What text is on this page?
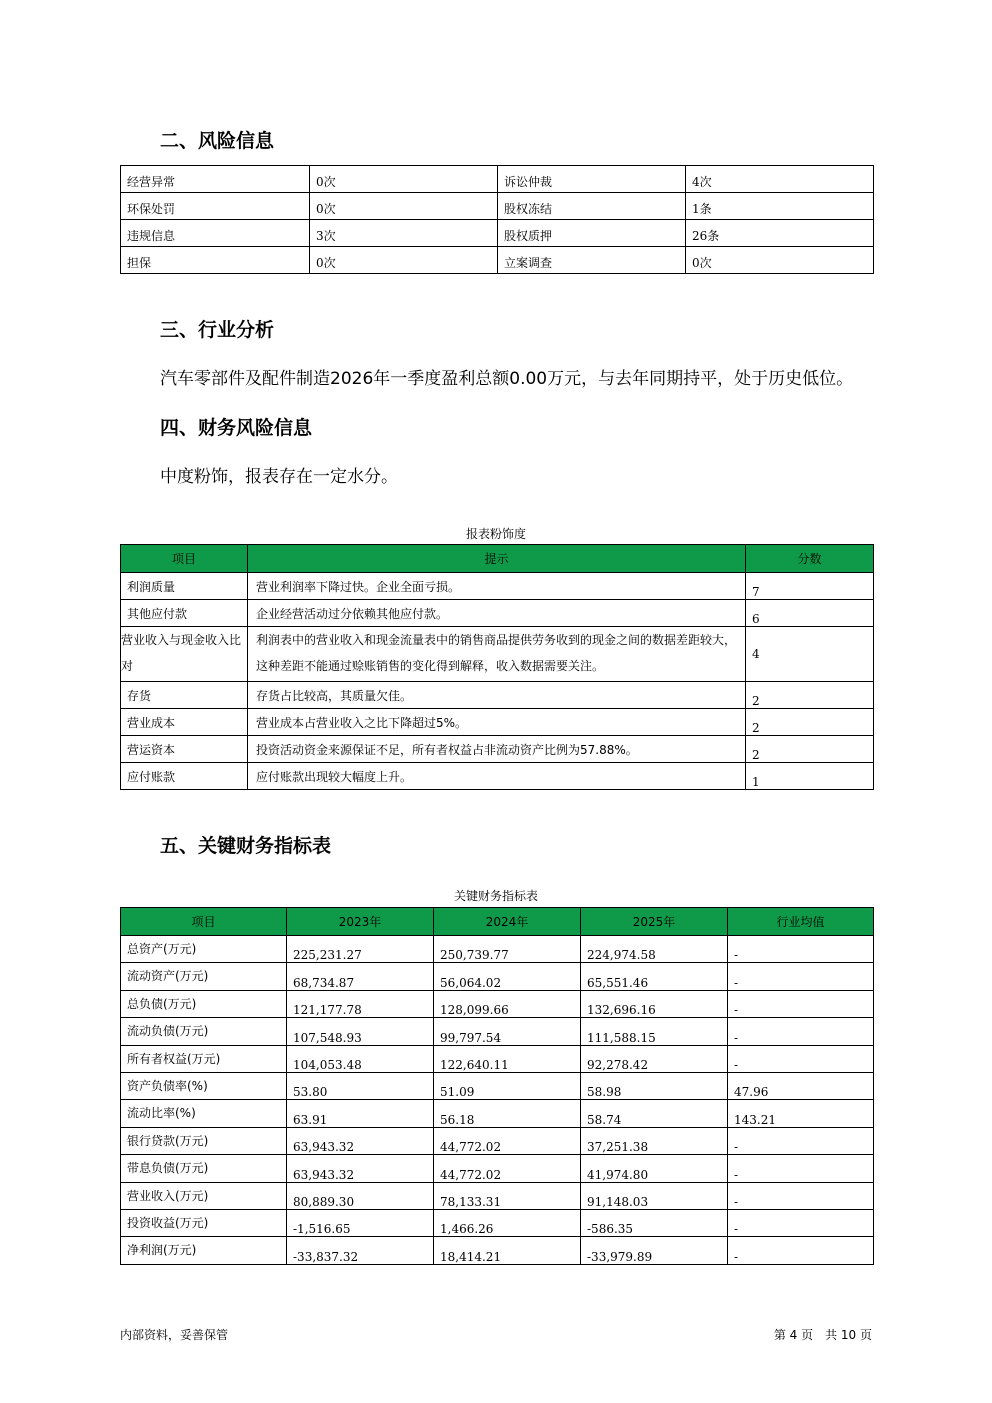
二、风险信息
经营异常	0次	诉讼仲裁	4次
环保处罚	0次	股权冻结	1条
违规信息	3次	股权质押	26条
担保	0次	立案调查	0次
三、行业分析
汽车零部件及配件制造2026年一季度盈利总额0.00万元，与去年同期持平，处于历史低位。
四、财务风险信息
中度粉饰，报表存在一定水分。
报表粉饰度
项目	提示	分数
利润质量	营业利润率下降过快。企业全面亏损。	7
其他应付款	企业经营活动过分依赖其他应付款。	6
营业收入与现金收入比对	利润表中的营业收入和现金流量表中的销售商品提供劳务收到的现金之间的数据差距较大，这种差距不能通过赊账销售的变化得到解释，收入数据需要关注。	4
存货	存货占比较高，其质量欠佳。	2
营业成本	营业成本占营业收入之比下降超过5%。	2
营运资本	投资活动资金来源保证不足，所有者权益占非流动资产比例为57.88%。	2
应付账款	应付账款出现较大幅度上升。	1
五、关键财务指标表
关键财务指标表
项目	2023年	2024年	2025年	行业均值
总资产(万元)	225,231.27	250,739.77	224,974.58	-
流动资产(万元)	68,734.87	56,064.02	65,551.46	-
总负债(万元)	121,177.78	128,099.66	132,696.16	-
流动负债(万元)	107,548.93	99,797.54	111,588.15	-
所有者权益(万元)	104,053.48	122,640.11	92,278.42	-
资产负债率(%)	53.80	51.09	58.98	47.96
流动比率(%)	63.91	56.18	58.74	143.21
银行贷款(万元)	63,943.32	44,772.02	37,251.38	-
带息负债(万元)	63,943.32	44,772.02	41,974.80	-
营业收入(万元)	80,889.30	78,133.31	91,148.03	-
投资收益(万元)	-1,516.65	1,466.26	-586.35	-
净利润(万元)	-33,837.32	18,414.21	-33,979.89	-
内部资料，妥善保管	第 4 页　共 10 页
